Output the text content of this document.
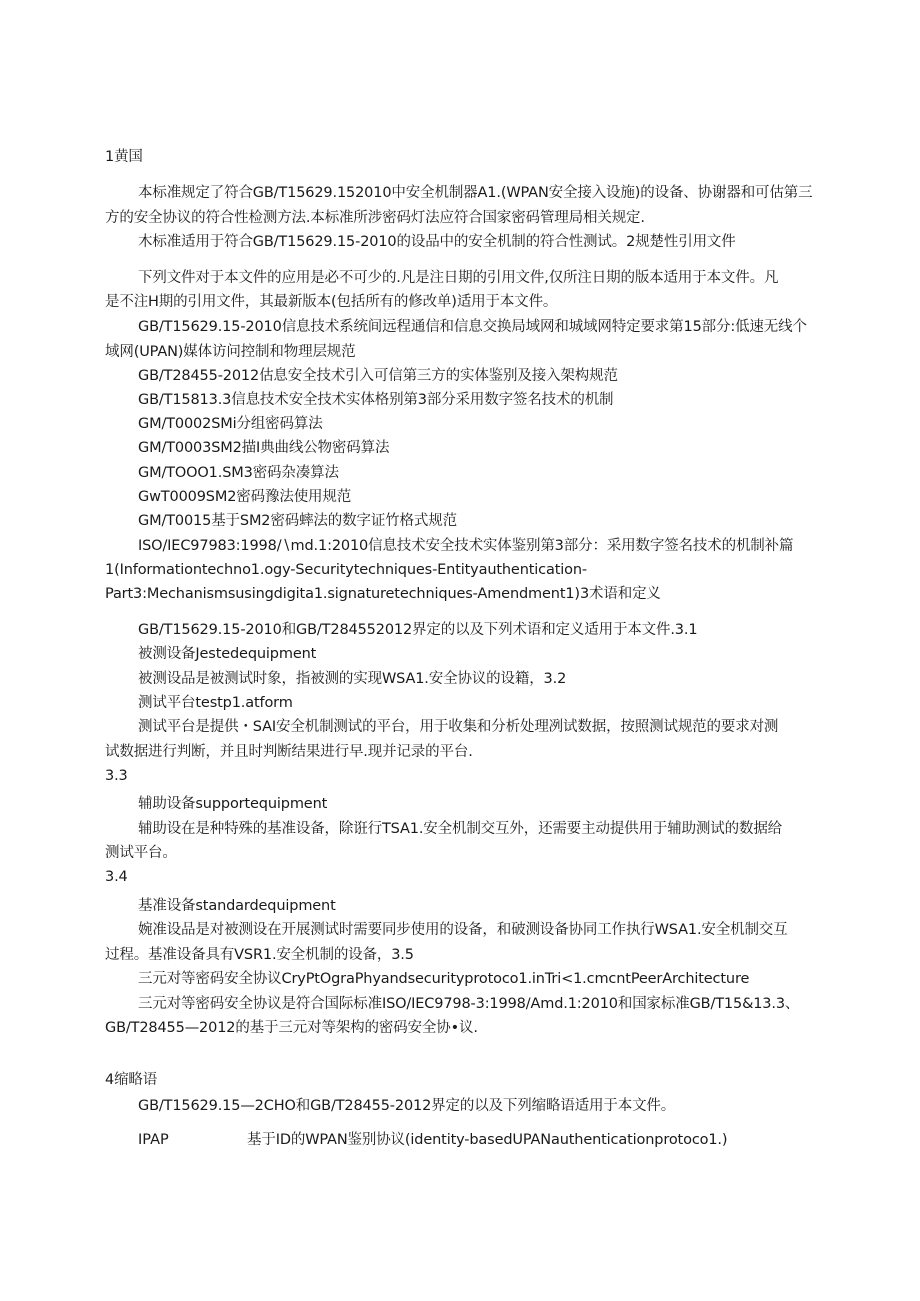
1黄国
本标准规定了符合GB/T15629.152010中安全机制器A1.(WPAN安全接入设施)的设备、协谢器和可估第三
方的安全协议的符合性检测方法.本标准所涉密码灯法应符合国家密码管理局相关规定.
木标准适用于符合GB/T15629.15-2010的设品中的安全机制的符合性测试。2规楚性引用文件
下列文件对于本文件的应用是必不可少的.凡是注日期的引用文件,仅所注日期的版本适用于本文件。凡
是不注H期的引用文件，其最新版本(包括所有的修改单)适用于本文件。
GB/T15629.15-2010信息技术系统间远程通信和信息交换局域网和城域网特定要求第15部分:低速无线个
域网(UPAN)媒体访问控制和物理层规范
GB/T28455-2012估息安全技术引入可信第三方的实体鉴别及接入架构规范
GB/T15813.3信息技术安全技术实体格别第3部分采用数字签名技术的机制
GM/T0002SMi分组密码算法
GM/T0003SM2描I典曲线公物密码算法
GM/TOOO1.SM3密码杂凑算法
GwT0009SM2密码豫法使用规范
GM/T0015基于SM2密码蟀法的数字证竹格式规范
ISO∕IEC97983:1998∕∖md.1:2010信息技术安全技术实体鉴别第3部分：采用数字签名技术的机制补篇
1(Informationtechno1.ogy-Securitytechniques-Entityauthentication-
Part3:Mechanismsusingdigita1.signaturetechniques-Amendment1)3术语和定义
GB/T15629.15-2010和GB/T284552012界定的以及下列术语和定义适用于本文件.3.1
被测设备Jestedequipment
被测设品是被测试时象，指被测的实现WSA1.安全协议的设籍，3.2
测试平台testp1.atform
测试平台是提供・SAI安全机制测试的平台，用于收集和分析处理冽试数据，按照测试规范的要求对测
试数据进行判断，并且时判断结果进行早.现并记录的平台.
3.3
辅助设备supportequipment
辅助设在是种特殊的基准设备，除诳行TSA1.安全机制交互外，还需要主动提供用于辅助测试的数据给
测试平台。
3.4
基准设备standardequipment
婉准设品是对被测设在开展测试时需要同步使用的设备，和破测设备协同工作执行WSA1.安全机制交互
过程。基准设备具有VSR1.安全机制的设备，3.5
三元对等密码安全协议CryPtOgraPhyandsecurityprotoco1.inTri<1.cmcntPeerArchitecture
三元对等密码安全协议是符合国际标准ISO∕IEC9798-3:1998/Amd.1:2010和国家标准GB/T15&13.3、
GB/T28455—2012的基于三元对等架构的密码安全协•议.
4缩略语
GB/T15629.15—2CHO和GB/T28455-2012界定的以及下列缩略语适用于本文件。
IPAP	基于ID的WPAN鉴别协议(identity-basedUPANauthenticationprotoco1.)
